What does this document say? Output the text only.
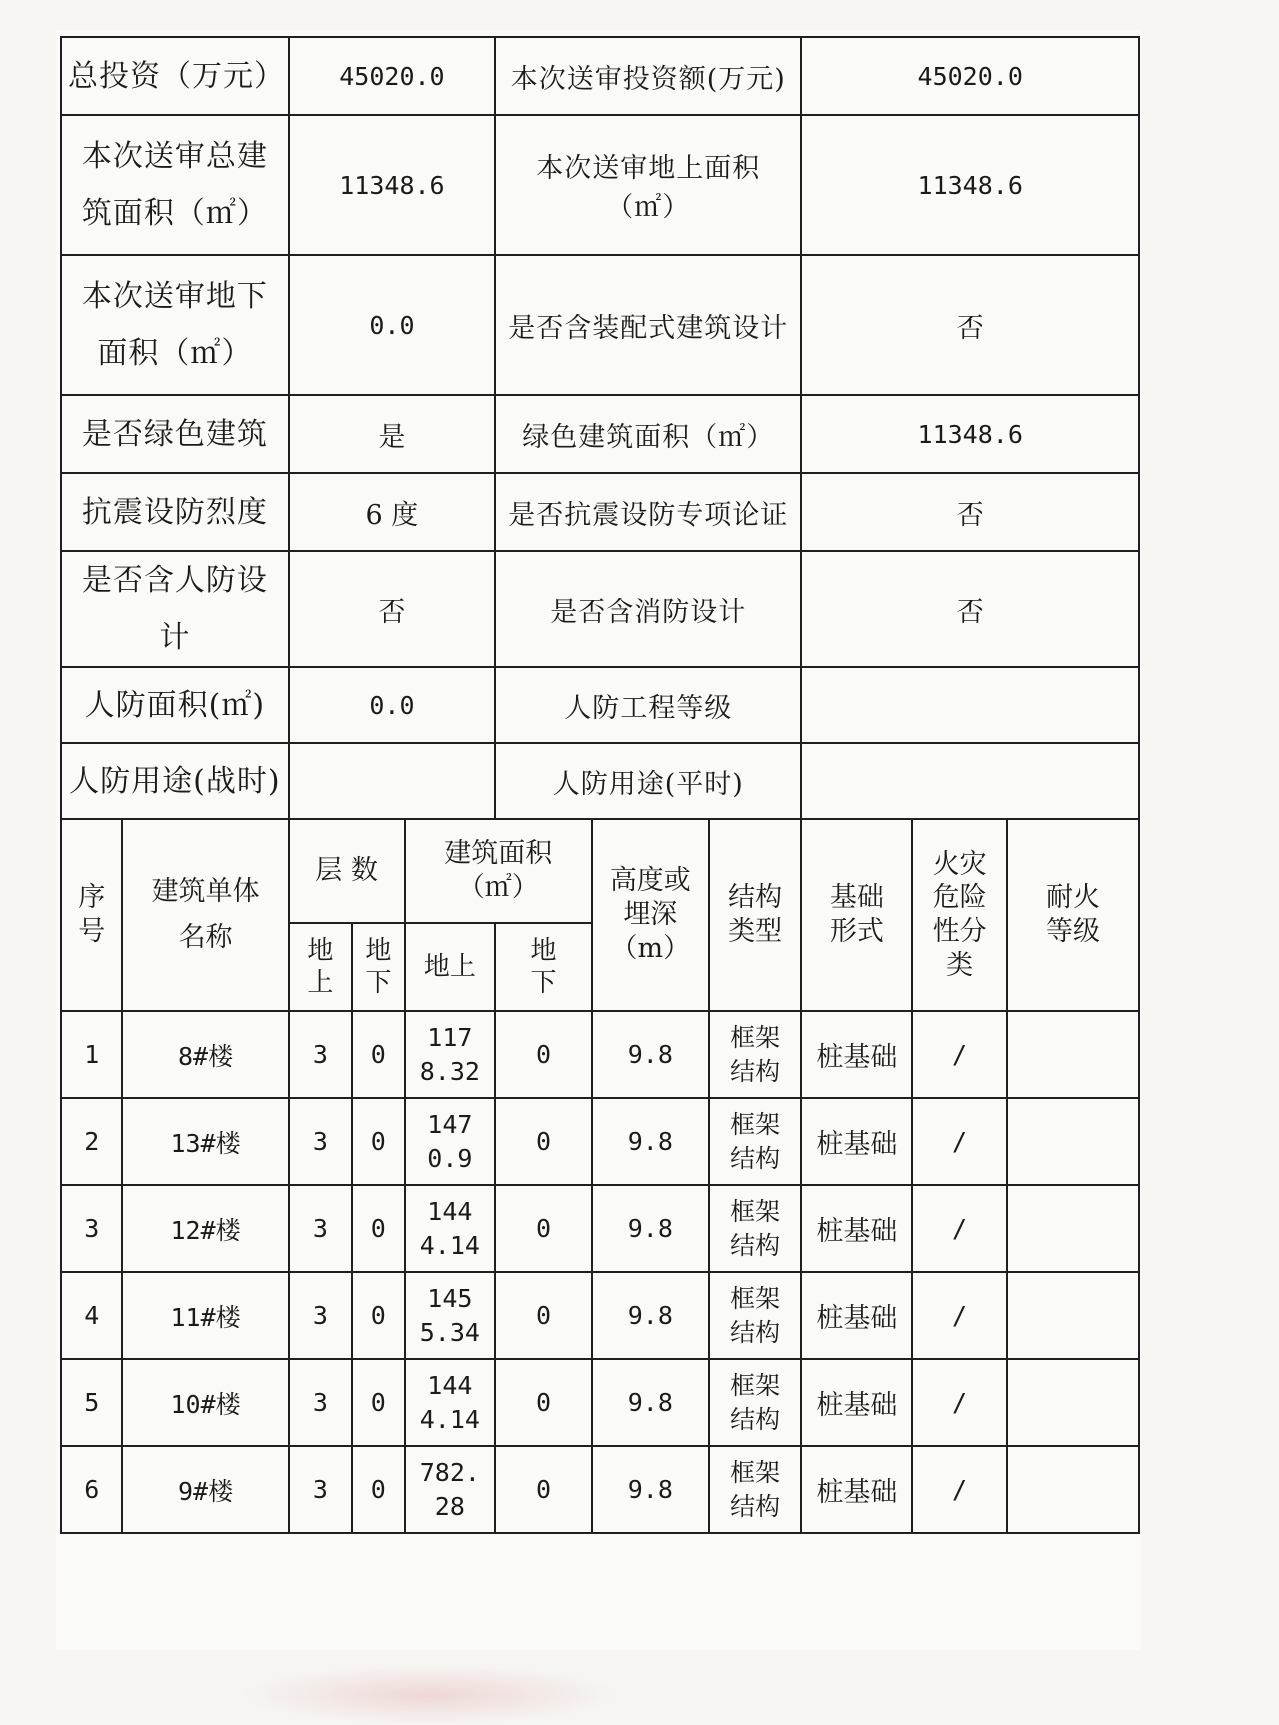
总投资（万元）		45020.0			本次送审投资额(万元)			45020.0		
本次送审总建筑面积（㎡）		11348.6			本次送审地上面积（㎡）			11348.6		
本次送审地下面积（㎡）		0.0			是否含装配式建筑设计			否		
是否绿色建筑		是			绿色建筑面积（㎡）			11348.6		
抗震设防烈度		6 度			是否抗震设防专项论证			否		
是否含人防设计		否			是否含消防设计			否		
人防面积(㎡)		0.0			人防工程等级					
人防用途(战时)					人防用途(平时)					
序号	建筑单体名称	层 数		建筑面积（㎡）		高度或埋深（m）	结构类型	基础形式	火灾危险性分类	耐火等级
		地上	地下	地上	地下					
1	8#楼	3	0	1178.32	0	9.8	框架结构	桩基础	/	
2	13#楼	3	0	1470.9	0	9.8	框架结构	桩基础	/	
3	12#楼	3	0	1444.14	0	9.8	框架结构	桩基础	/	
4	11#楼	3	0	1455.34	0	9.8	框架结构	桩基础	/	
5	10#楼	3	0	1444.14	0	9.8	框架结构	桩基础	/	
6	9#楼	3	0	782.28	0	9.8	框架结构	桩基础	/	
